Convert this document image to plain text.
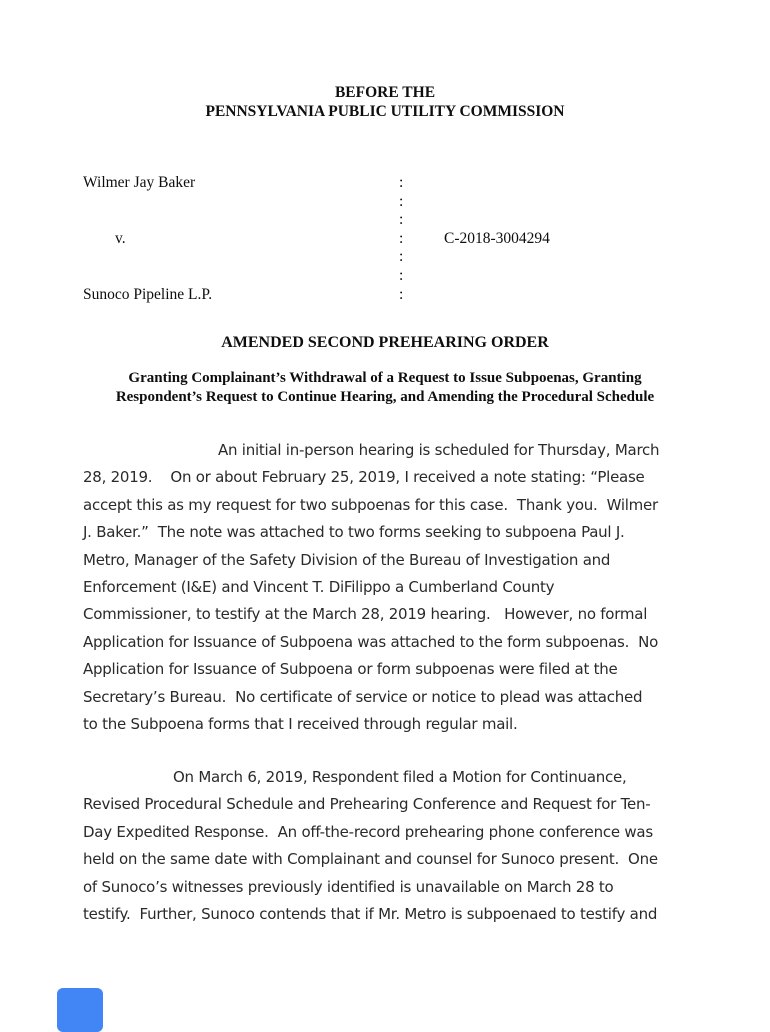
BEFORE THE
PENNSYLVANIA PUBLIC UTILITY COMMISSION
Wilmer Jay Baker	:
:
:
v.	:	C-2018-3004294
:
:
Sunoco Pipeline L.P.	:
AMENDED SECOND PREHEARING ORDER
Granting Complainant’s Withdrawal of a Request to Issue Subpoenas, Granting
Respondent’s Request to Continue Hearing, and Amending the Procedural Schedule
An initial in-person hearing is scheduled for Thursday, March
28, 2019.    On or about February 25, 2019, I received a note stating: “Please
accept this as my request for two subpoenas for this case.  Thank you.  Wilmer
J. Baker.”  The note was attached to two forms seeking to subpoena Paul J.
Metro, Manager of the Safety Division of the Bureau of Investigation and
Enforcement (I&E) and Vincent T. DiFilippo a Cumberland County
Commissioner, to testify at the March 28, 2019 hearing.   However, no formal
Application for Issuance of Subpoena was attached to the form subpoenas.  No
Application for Issuance of Subpoena or form subpoenas were filed at the
Secretary’s Bureau.  No certificate of service or notice to plead was attached
to the Subpoena forms that I received through regular mail.
On March 6, 2019, Respondent filed a Motion for Continuance,
Revised Procedural Schedule and Prehearing Conference and Request for Ten-
Day Expedited Response.  An off-the-record prehearing phone conference was
held on the same date with Complainant and counsel for Sunoco present.  One
of Sunoco’s witnesses previously identified is unavailable on March 28 to
testify.  Further, Sunoco contends that if Mr. Metro is subpoenaed to testify and
